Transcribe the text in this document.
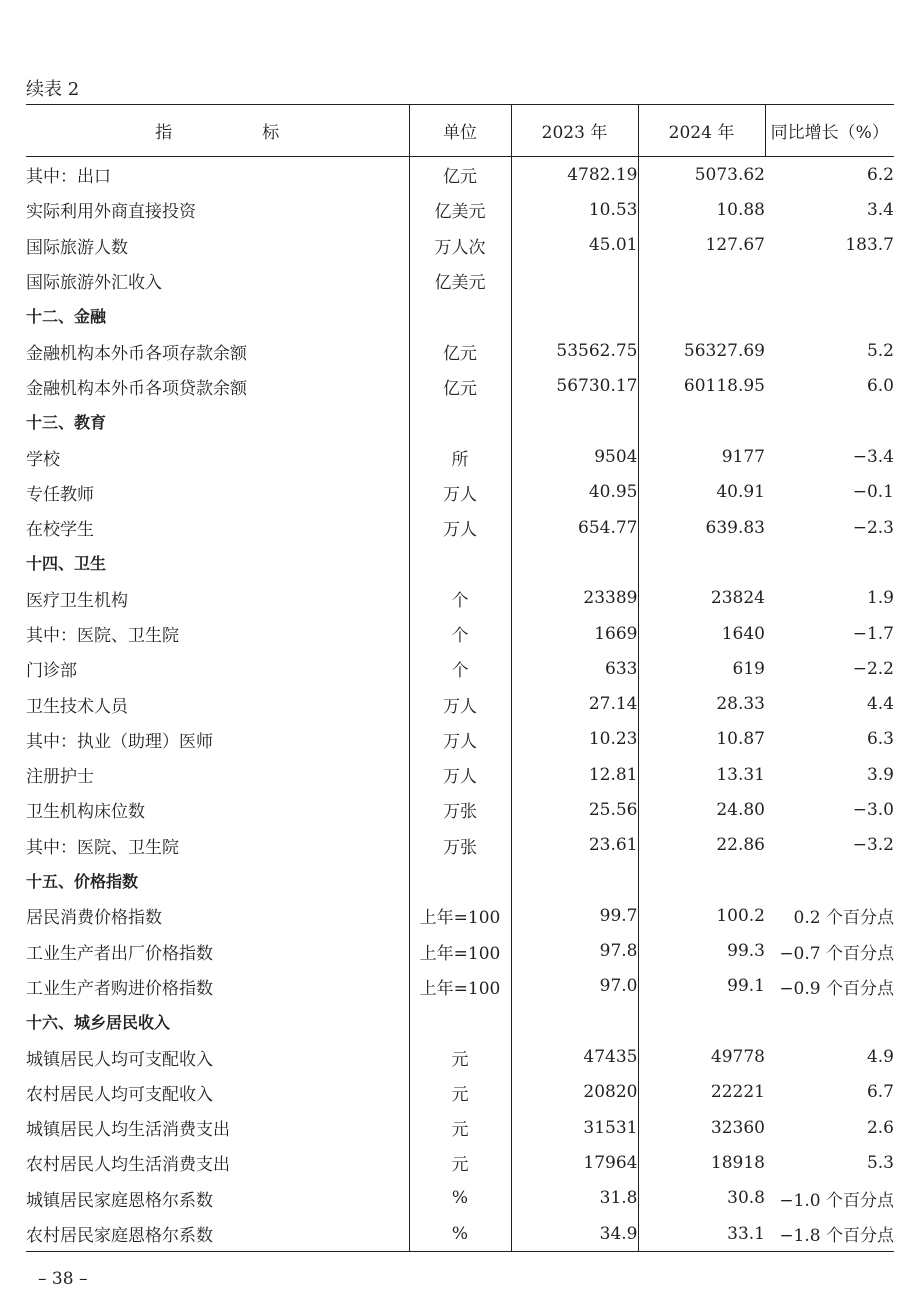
续表 2
指 标	单位	2023 年	2024 年	同比增长（%）
其中：出口	亿元	4782.19	5073.62	6.2
实际利用外商直接投资	亿美元	10.53	10.88	3.4
国际旅游人数	万人次	45.01	127.67	183.7
国际旅游外汇收入	亿美元			
十二、金融				
金融机构本外币各项存款余额	亿元	53562.75	56327.69	5.2
金融机构本外币各项贷款余额	亿元	56730.17	60118.95	6.0
十三、教育				
学校	所	9504	9177	−3.4
专任教师	万人	40.95	40.91	−0.1
在校学生	万人	654.77	639.83	−2.3
十四、卫生				
医疗卫生机构	个	23389	23824	1.9
其中：医院、卫生院	个	1669	1640	−1.7
门诊部	个	633	619	−2.2
卫生技术人员	万人	27.14	28.33	4.4
其中：执业（助理）医师	万人	10.23	10.87	6.3
注册护士	万人	12.81	13.31	3.9
卫生机构床位数	万张	25.56	24.80	−3.0
其中：医院、卫生院	万张	23.61	22.86	−3.2
十五、价格指数				
居民消费价格指数	上年=100	99.7	100.2	0.2 个百分点
工业生产者出厂价格指数	上年=100	97.8	99.3	−0.7 个百分点
工业生产者购进价格指数	上年=100	97.0	99.1	−0.9 个百分点
十六、城乡居民收入				
城镇居民人均可支配收入	元	47435	49778	4.9
农村居民人均可支配收入	元	20820	22221	6.7
城镇居民人均生活消费支出	元	31531	32360	2.6
农村居民人均生活消费支出	元	17964	18918	5.3
城镇居民家庭恩格尔系数	%	31.8	30.8	−1.0 个百分点
农村居民家庭恩格尔系数	%	34.9	33.1	−1.8 个百分点
– 38 –
